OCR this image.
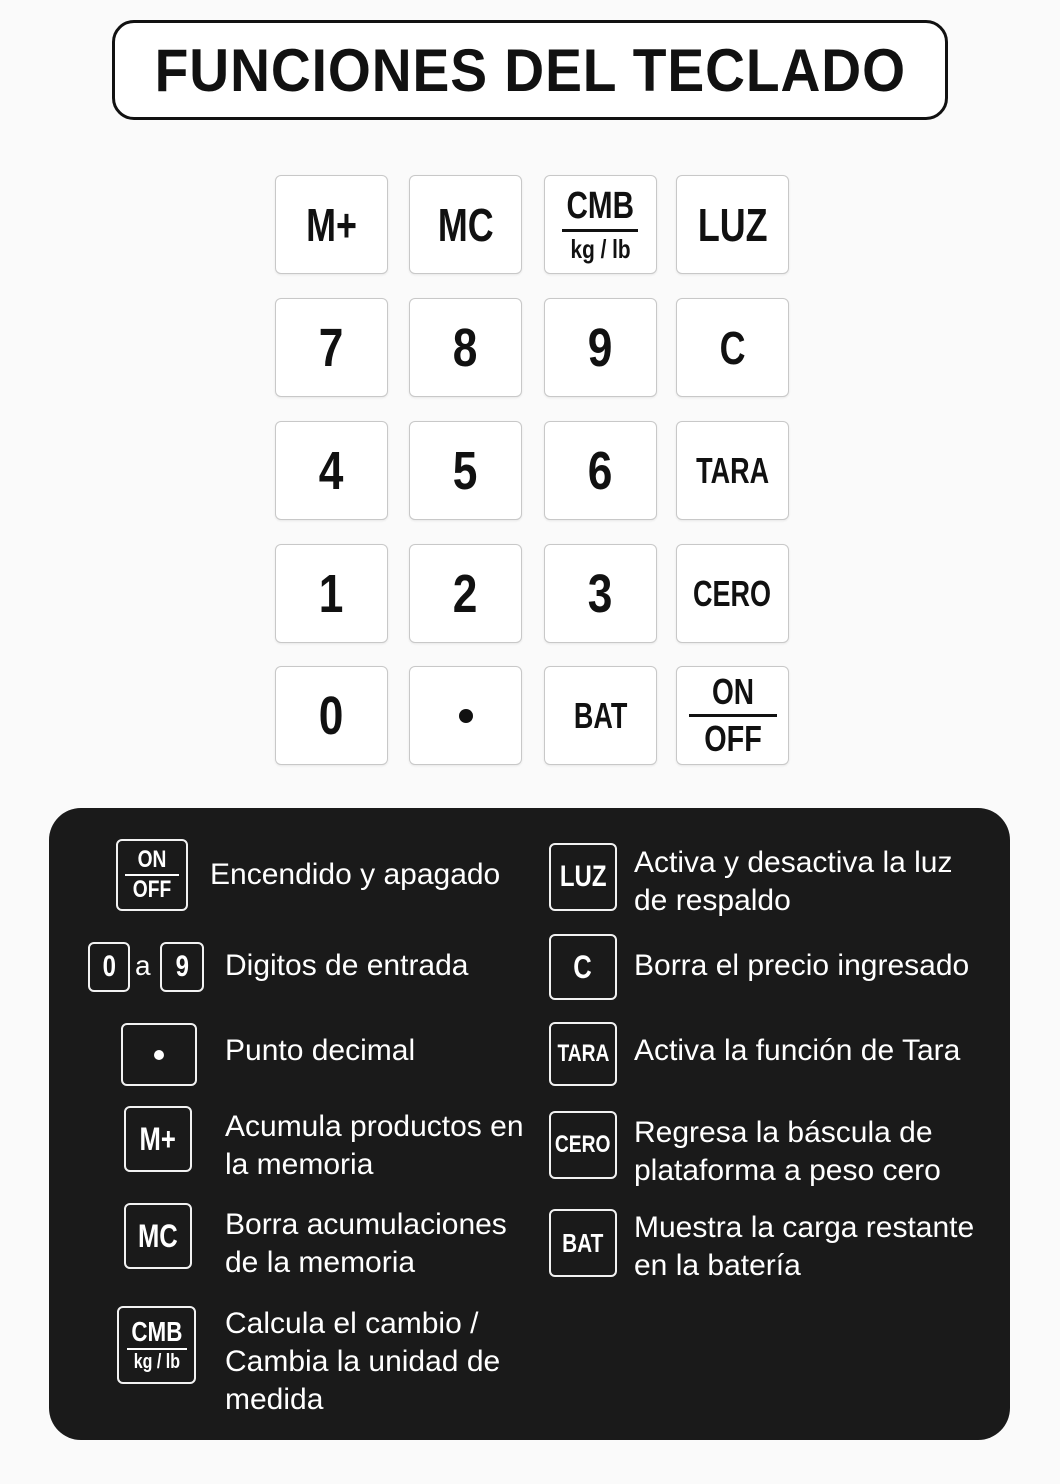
FUNCIONES DEL TECLADO
M+ MC $\frac{\text{CMB}}{kg / lb}$ LUZ
7 8 9 C
4 5 6 TARA
1 2 3 CERO
0	BAT $\frac{ON}{\text{OFF}}$
ON
OFF Encendido y apagado
0 a 9 Digitos de entrada
Punto decimal
M+ Acumula productos en
la memoria
MC Borra acumulaciones
de la memoria
CMB
kg / lb
Calcula el cambio /
Cambia la unidad de
medida
LUZ Activa y desactiva la luz
de respaldo
C Borra el precio ingresado
TARA Activa la función de Tara
CERO Regresa la báscula de
plataforma a peso cero
BAT Muestra la carga restante
en la batería
